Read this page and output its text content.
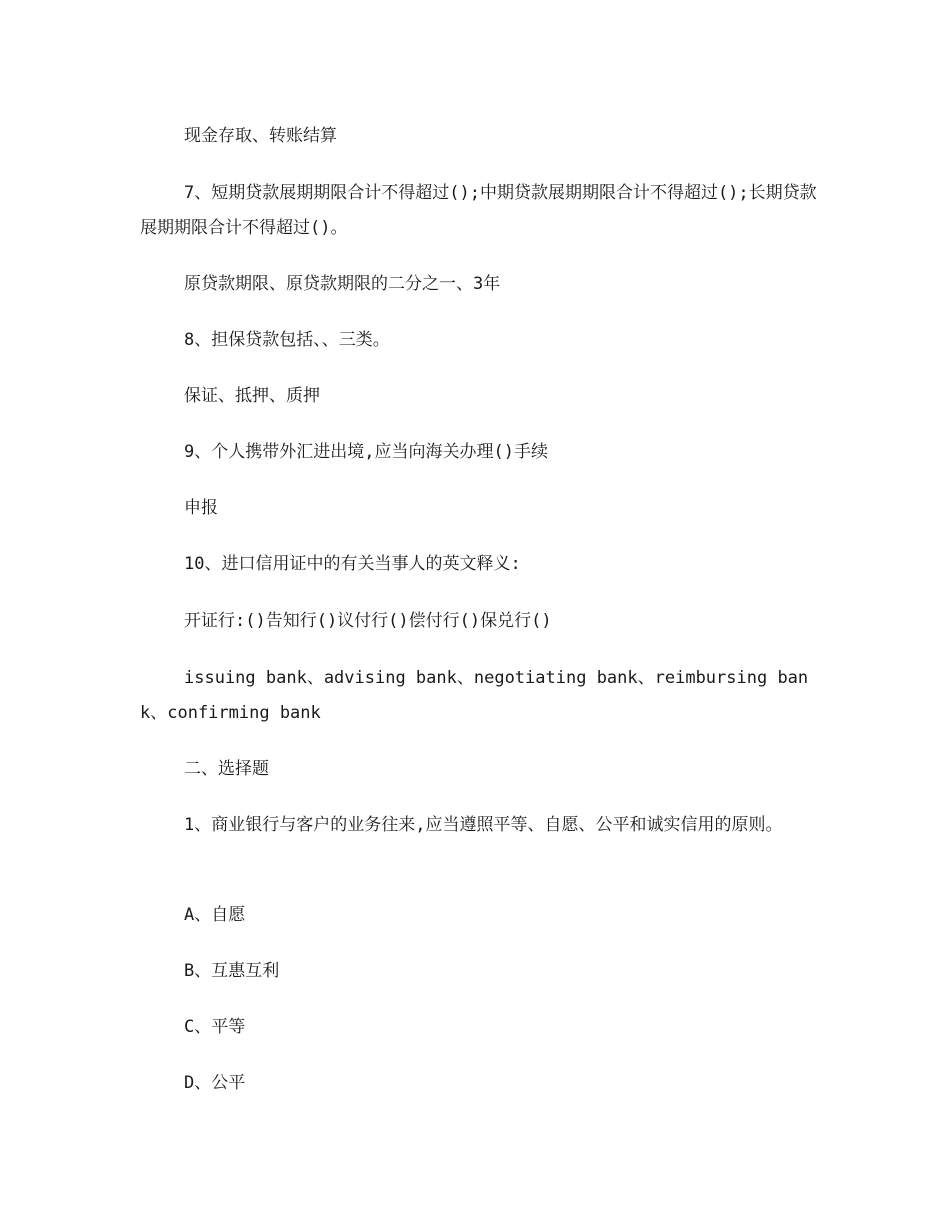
现金存取、转账结算

7、短期贷款展期期限合计不得超过();中期贷款展期期限合计不得超过();长期贷款展期期限合计不得超过()。

原贷款期限、原贷款期限的二分之一、3年

8、担保贷款包括、、三类。

保证、抵押、质押

9、个人携带外汇进出境,应当向海关办理()手续

申报

10、进口信用证中的有关当事人的英文释义:

开证行:()告知行()议付行()偿付行()保兑行()

issuing bank、advising bank、negotiating bank、reimbursing bank、confirming bank

二、选择题

1、商业银行与客户的业务往来,应当遵照平等、自愿、公平和诚实信用的原则。

A、自愿

B、互惠互利

C、平等

D、公平
